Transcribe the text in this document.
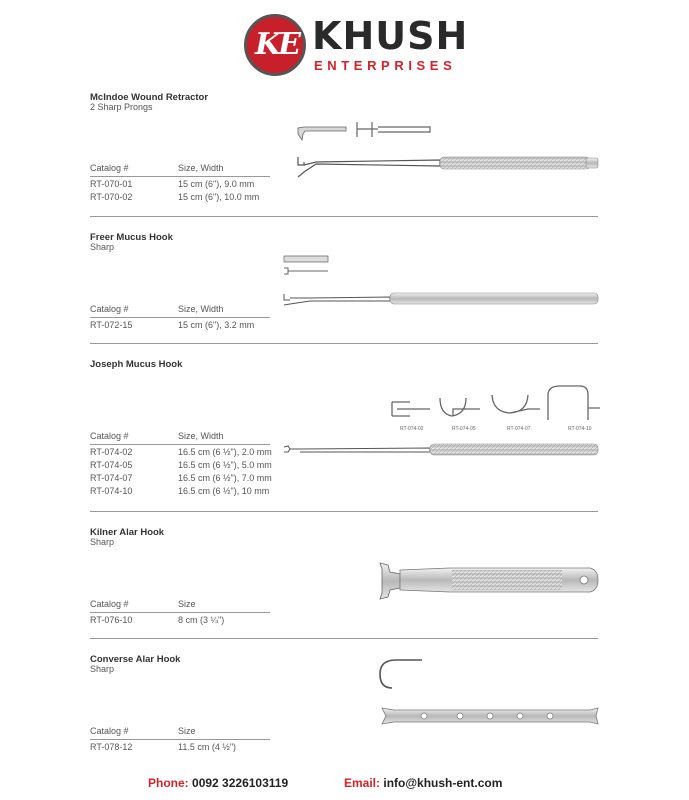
KE KHUSH
ENTERPRISES
RT-074-02	RT-074-05	RT-074-07	RT-074-10
McIndoe Wound Retractor
2 Sharp Prongs
Catalog #	Size, Width
RT-070-01	15 cm (6"), 9.0 mm
RT-070-02	15 cm (6"), 10.0 mm
Freer Mucus Hook
Sharp
Catalog #	Size, Width
RT-072-15	15 cm (6"), 3.2 mm
Joseph Mucus Hook
Catalog #	Size, Width
RT-074-02	16.5 cm (6 ½"), 2.0 mm
RT-074-05	16.5 cm (6 ½"), 5.0 mm
RT-074-07	16.5 cm (6 ½"), 7.0 mm
RT-074-10	16.5 cm (6 ½"), 10 mm
Kilner Alar Hook
Sharp
Catalog #	Size
RT-076-10	8 cm (3 ¼")
Converse Alar Hook
Sharp
Catalog #	Size
RT-078-12	11.5 cm (4 ½")
Phone: 0092 3226103119	Email: info@khush-ent.com
